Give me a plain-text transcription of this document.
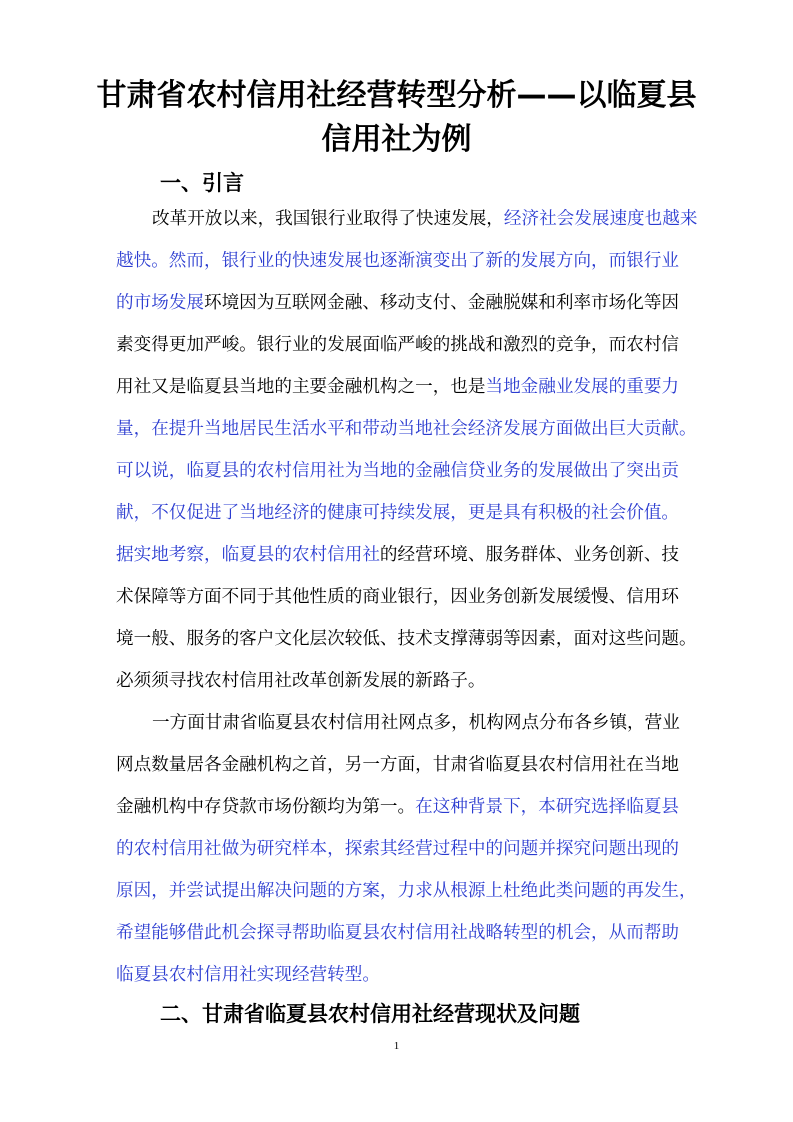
甘肃省农村信用社经营转型分析——以临夏县
信用社为例
一、引言
改革开放以来，我国银行业取得了快速发展，经济社会发展速度也越来
越快。然而，银行业的快速发展也逐渐演变出了新的发展方向，而银行业
的市场发展环境因为互联网金融、移动支付、金融脱媒和利率市场化等因
素变得更加严峻。银行业的发展面临严峻的挑战和激烈的竞争，而农村信
用社又是临夏县当地的主要金融机构之一，也是当地金融业发展的重要力
量，在提升当地居民生活水平和带动当地社会经济发展方面做出巨大贡献。
可以说，临夏县的农村信用社为当地的金融信贷业务的发展做出了突出贡
献，不仅促进了当地经济的健康可持续发展，更是具有积极的社会价值。
据实地考察，临夏县的农村信用社的经营环境、服务群体、业务创新、技
术保障等方面不同于其他性质的商业银行，因业务创新发展缓慢、信用环
境一般、服务的客户文化层次较低、技术支撑薄弱等因素，面对这些问题。
必须须寻找农村信用社改革创新发展的新路子。
一方面甘肃省临夏县农村信用社网点多，机构网点分布各乡镇，营业
网点数量居各金融机构之首，另一方面，甘肃省临夏县农村信用社在当地
金融机构中存贷款市场份额均为第一。在这种背景下，本研究选择临夏县
的农村信用社做为研究样本，探索其经营过程中的问题并探究问题出现的
原因，并尝试提出解决问题的方案，力求从根源上杜绝此类问题的再发生，
希望能够借此机会探寻帮助临夏县农村信用社战略转型的机会，从而帮助
临夏县农村信用社实现经营转型。
二、甘肃省临夏县农村信用社经营现状及问题
1
